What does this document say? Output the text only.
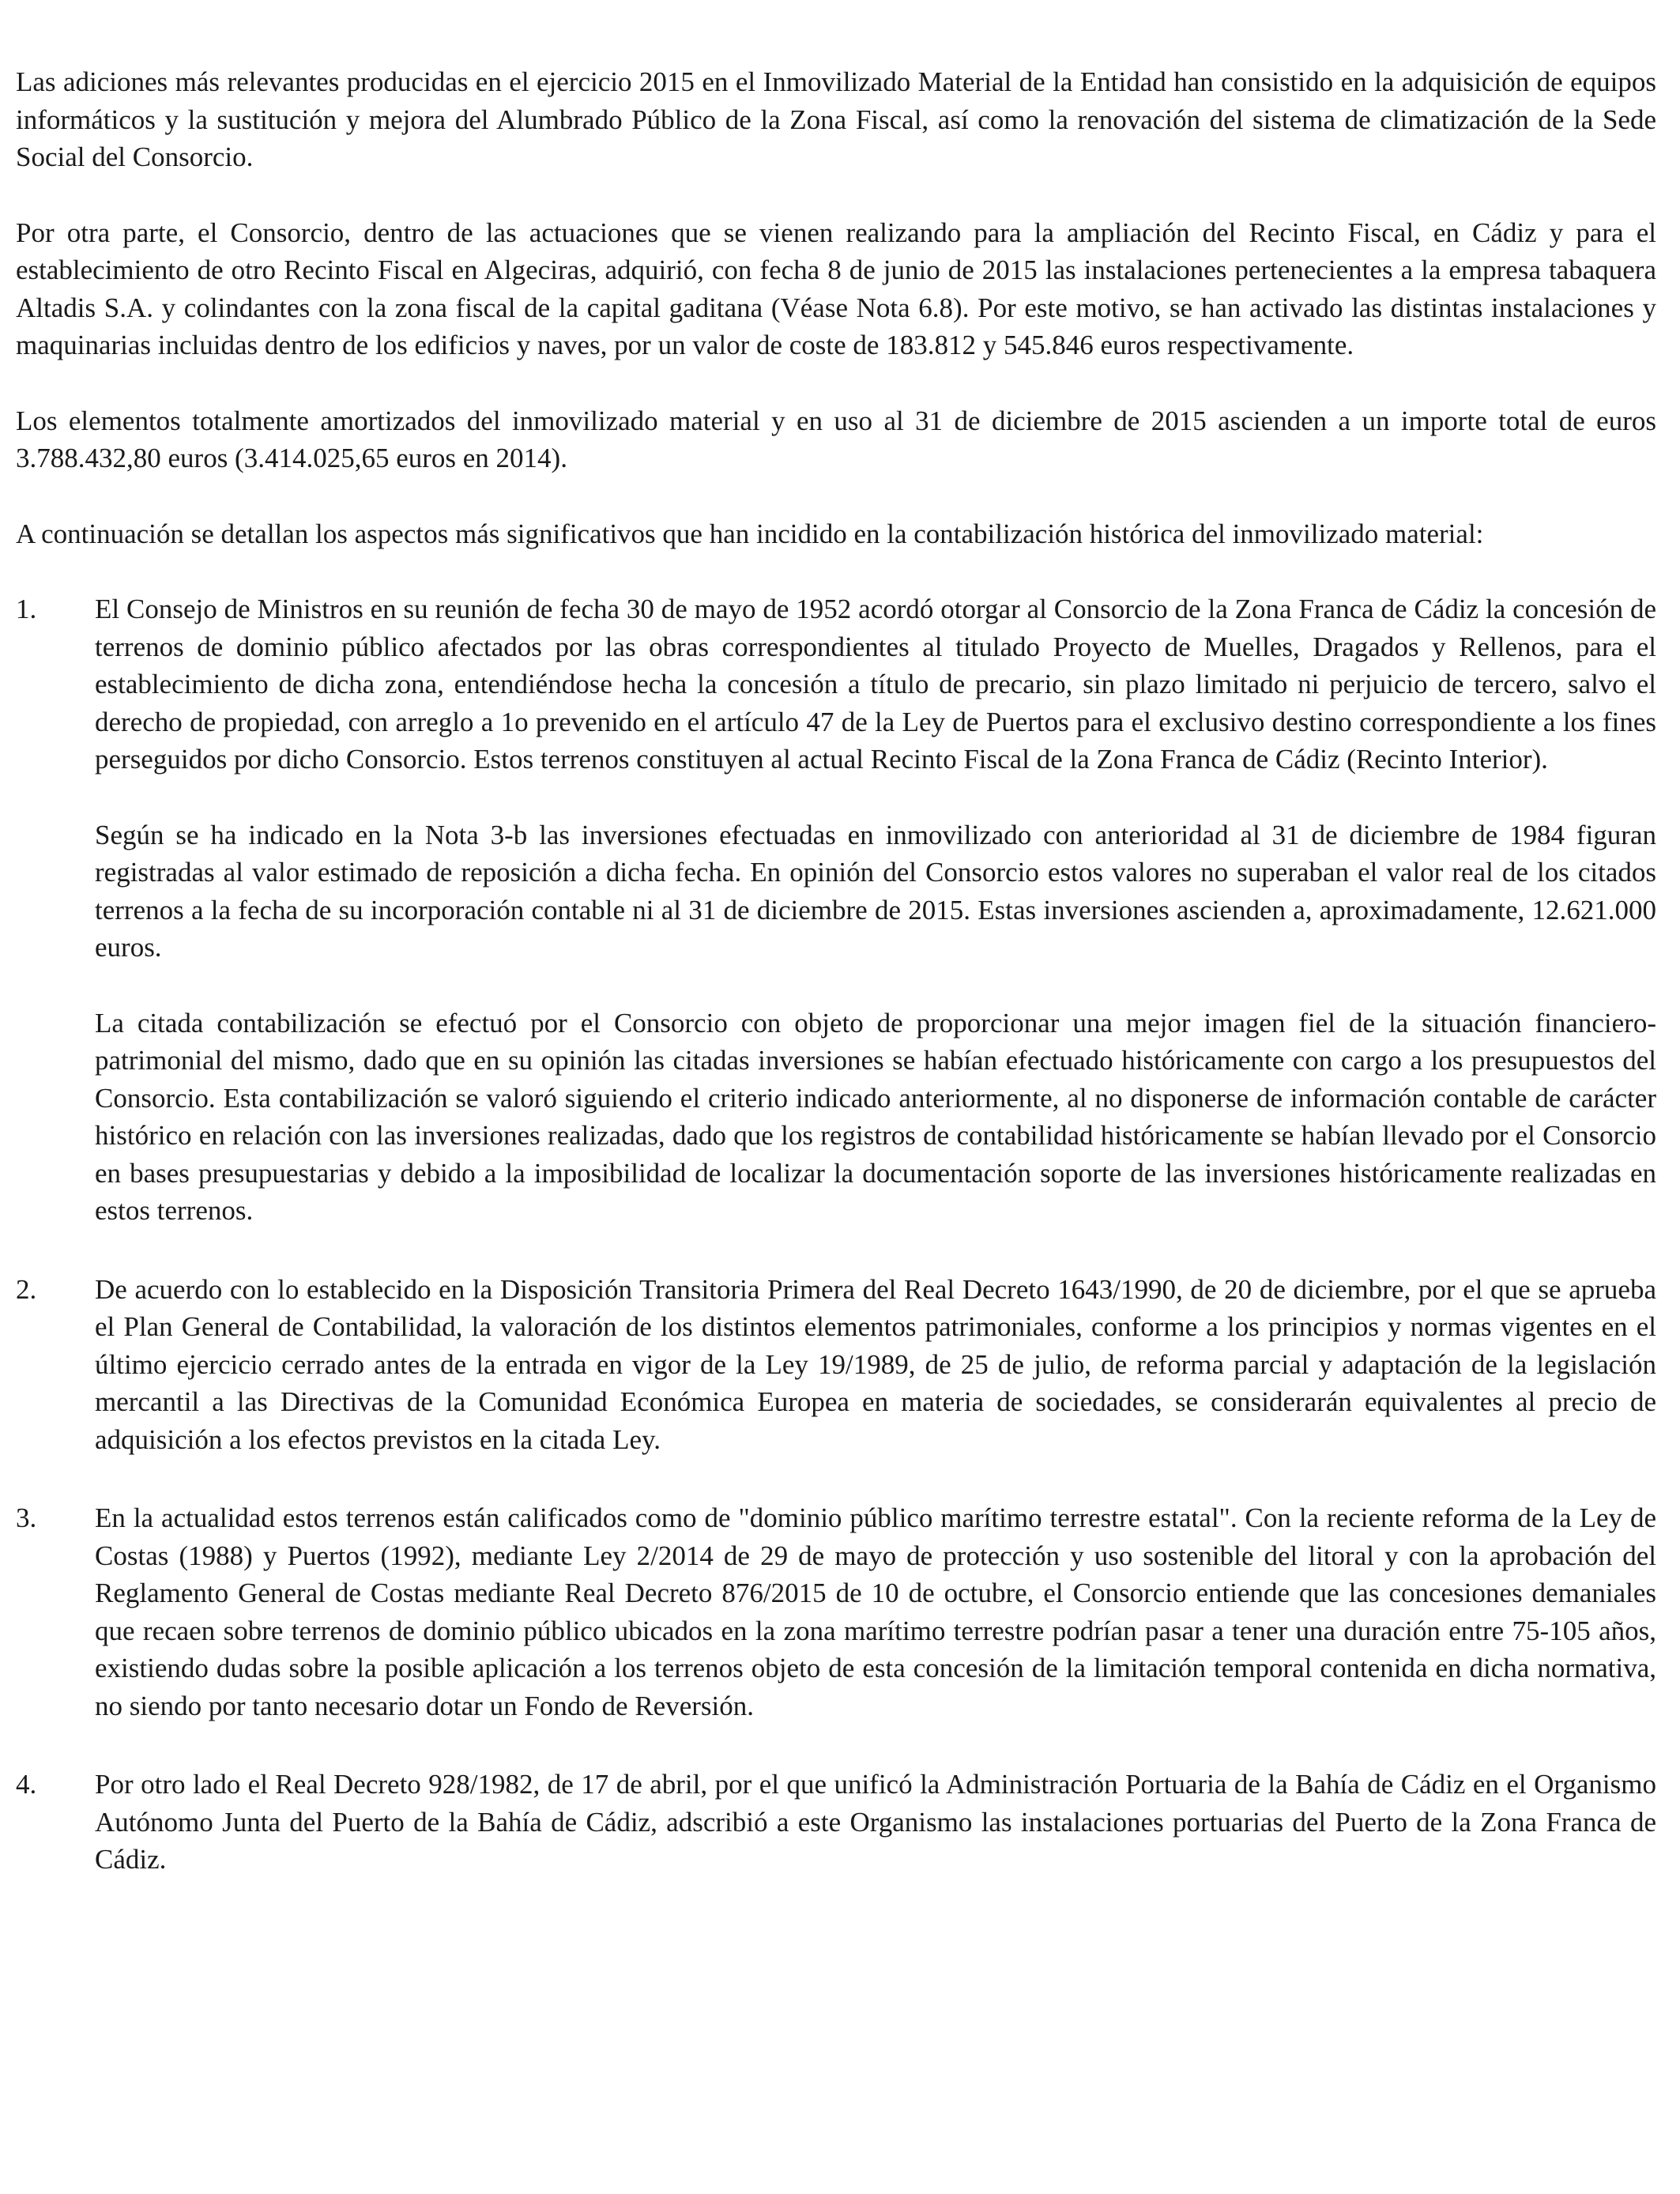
Las adiciones más relevantes producidas en el ejercicio 2015 en el Inmovilizado Material de la Entidad han consistido en la adquisición de equipos informáticos y la sustitución y mejora del Alumbrado Público de la Zona Fiscal, así como la renovación del sistema de climatización de la Sede Social del Consorcio.

Por otra parte, el Consorcio, dentro de las actuaciones que se vienen realizando para la ampliación del Recinto Fiscal, en Cádiz y para el establecimiento de otro Recinto Fiscal en Algeciras, adquirió, con fecha 8 de junio de 2015 las instalaciones pertenecientes a la empresa tabaquera Altadis S.A. y colindantes con la zona fiscal de la capital gaditana (Véase Nota 6.8). Por este motivo, se han activado las distintas instalaciones y maquinarias incluidas dentro de los edificios y naves, por un valor de coste de 183.812 y 545.846 euros respectivamente.

Los elementos totalmente amortizados del inmovilizado material y en uso al 31 de diciembre de 2015 ascienden a un importe total de euros 3.788.432,80 euros (3.414.025,65 euros en 2014).

A continuación se detallan los aspectos más significativos que han incidido en la contabilización histórica del inmovilizado material:

1.	El Consejo de Ministros en su reunión de fecha 30 de mayo de 1952 acordó otorgar al Consorcio de la Zona Franca de Cádiz la concesión de terrenos de dominio público afectados por las obras correspondientes al titulado Proyecto de Muelles, Dragados y Rellenos, para el establecimiento de dicha zona, entendiéndose hecha la concesión a título de precario, sin plazo limitado ni perjuicio de tercero, salvo el derecho de propiedad, con arreglo a 1o prevenido en el artículo 47 de la Ley de Puertos para el exclusivo destino correspondiente a los fines perseguidos por dicho Consorcio. Estos terrenos constituyen al actual Recinto Fiscal de la Zona Franca de Cádiz (Recinto Interior).

Según se ha indicado en la Nota 3-b las inversiones efectuadas en inmovilizado con anterioridad al 31 de diciembre de 1984 figuran registradas al valor estimado de reposición a dicha fecha. En opinión del Consorcio estos valores no superaban el valor real de los citados terrenos a la fecha de su incorporación contable ni al 31 de diciembre de 2015. Estas inversiones ascienden a, aproximadamente, 12.621.000 euros.

La citada contabilización se efectuó por el Consorcio con objeto de proporcionar una mejor imagen fiel de la situación financiero-patrimonial del mismo, dado que en su opinión las citadas inversiones se habían efectuado históricamente con cargo a los presupuestos del Consorcio. Esta contabilización se valoró siguiendo el criterio indicado anteriormente, al no disponerse de información contable de carácter histórico en relación con las inversiones realizadas, dado que los registros de contabilidad históricamente se habían llevado por el Consorcio en bases presupuestarias y debido a la imposibilidad de localizar la documentación soporte de las inversiones históricamente realizadas en estos terrenos.

2.	De acuerdo con lo establecido en la Disposición Transitoria Primera del Real Decreto 1643/1990, de 20 de diciembre, por el que se aprueba el Plan General de Contabilidad, la valoración de los distintos elementos patrimoniales, conforme a los principios y normas vigentes en el último ejercicio cerrado antes de la entrada en vigor de la Ley 19/1989, de 25 de julio, de reforma parcial y adaptación de la legislación mercantil a las Directivas de la Comunidad Económica Europea en materia de sociedades, se considerarán equivalentes al precio de adquisición a los efectos previstos en la citada Ley.

3.	En la actualidad estos terrenos están calificados como de "dominio público marítimo terrestre estatal". Con la reciente reforma de la Ley de Costas (1988) y Puertos (1992), mediante Ley 2/2014 de 29 de mayo de protección y uso sostenible del litoral y con la aprobación del Reglamento General de Costas mediante Real Decreto 876/2015 de 10 de octubre, el Consorcio entiende que las concesiones demaniales que recaen sobre terrenos de dominio público ubicados en la zona marítimo terrestre podrían pasar a tener una duración entre 75-105 años, existiendo dudas sobre la posible aplicación a los terrenos objeto de esta concesión de la limitación temporal contenida en dicha normativa, no siendo por tanto necesario dotar un Fondo de Reversión.

4.	Por otro lado el Real Decreto 928/1982, de 17 de abril, por el que unificó la Administración Portuaria de la Bahía de Cádiz en el Organismo Autónomo Junta del Puerto de la Bahía de Cádiz, adscribió a este Organismo las instalaciones portuarias del Puerto de la Zona Franca de Cádiz.
